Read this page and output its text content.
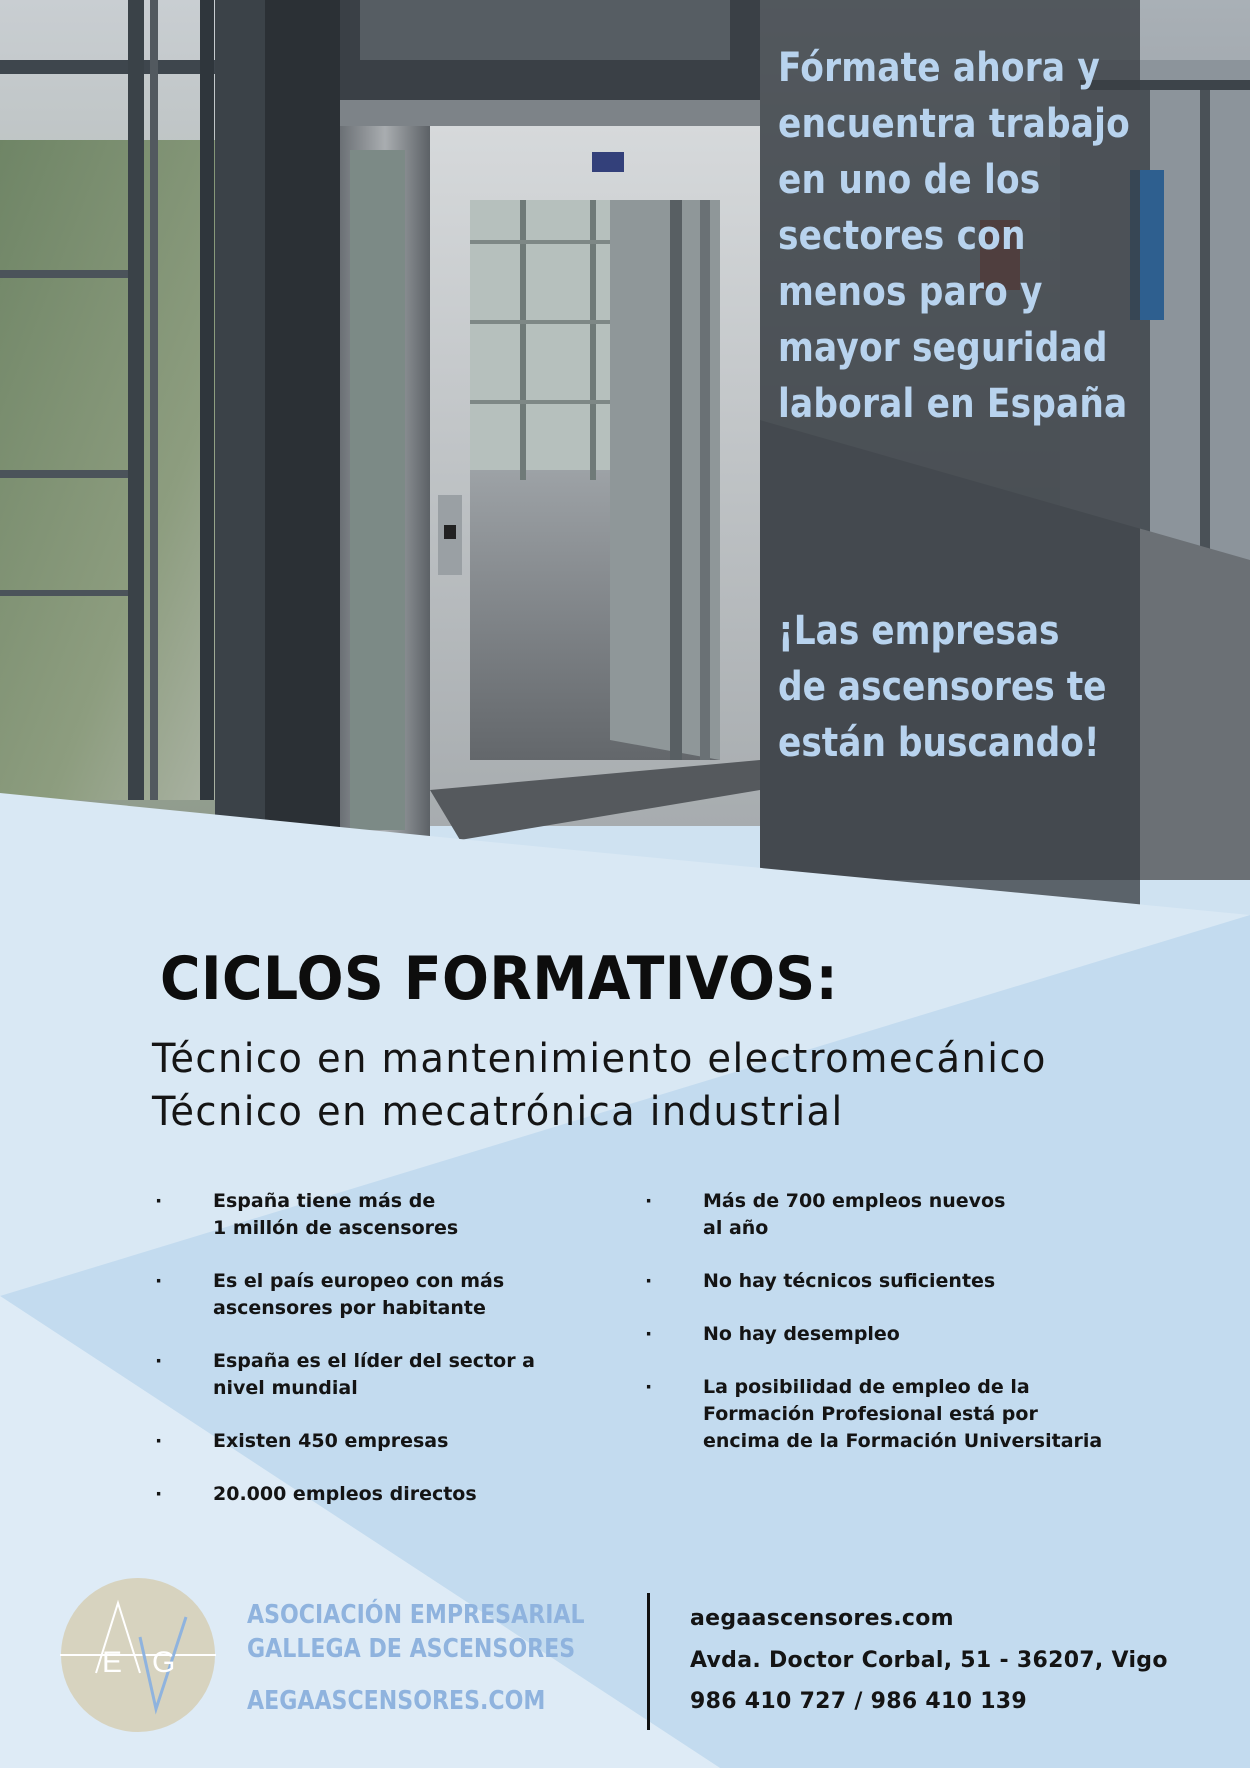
Fórmate ahora y
encuentra trabajo
en uno de los
sectores con
menos paro y
mayor seguridad
laboral en España
¡Las empresas
de ascensores te
están buscando!
CICLOS FORMATIVOS:
Técnico en mantenimiento electromecánico
Técnico en mecatrónica industrial
·	España tiene más de
1 millón de ascensores
·	Es el país europeo con más
ascensores por habitante
·	España es el líder del sector a
nivel mundial
·	Existen 450 empresas
·	20.000 empleos directos
·	Más de 700 empleos nuevos
al año
·	No hay técnicos suficientes
·	No hay desempleo
·	La posibilidad de empleo de la
Formación Profesional está por
encima de la Formación Universitaria
E G
ASOCIACIÓN EMPRESARIAL
GALLEGA DE ASCENSORES
AEGAASCENSORES.COM
aegaascensores.com
Avda. Doctor Corbal, 51 - 36207, Vigo
986 410 727 / 986 410 139
